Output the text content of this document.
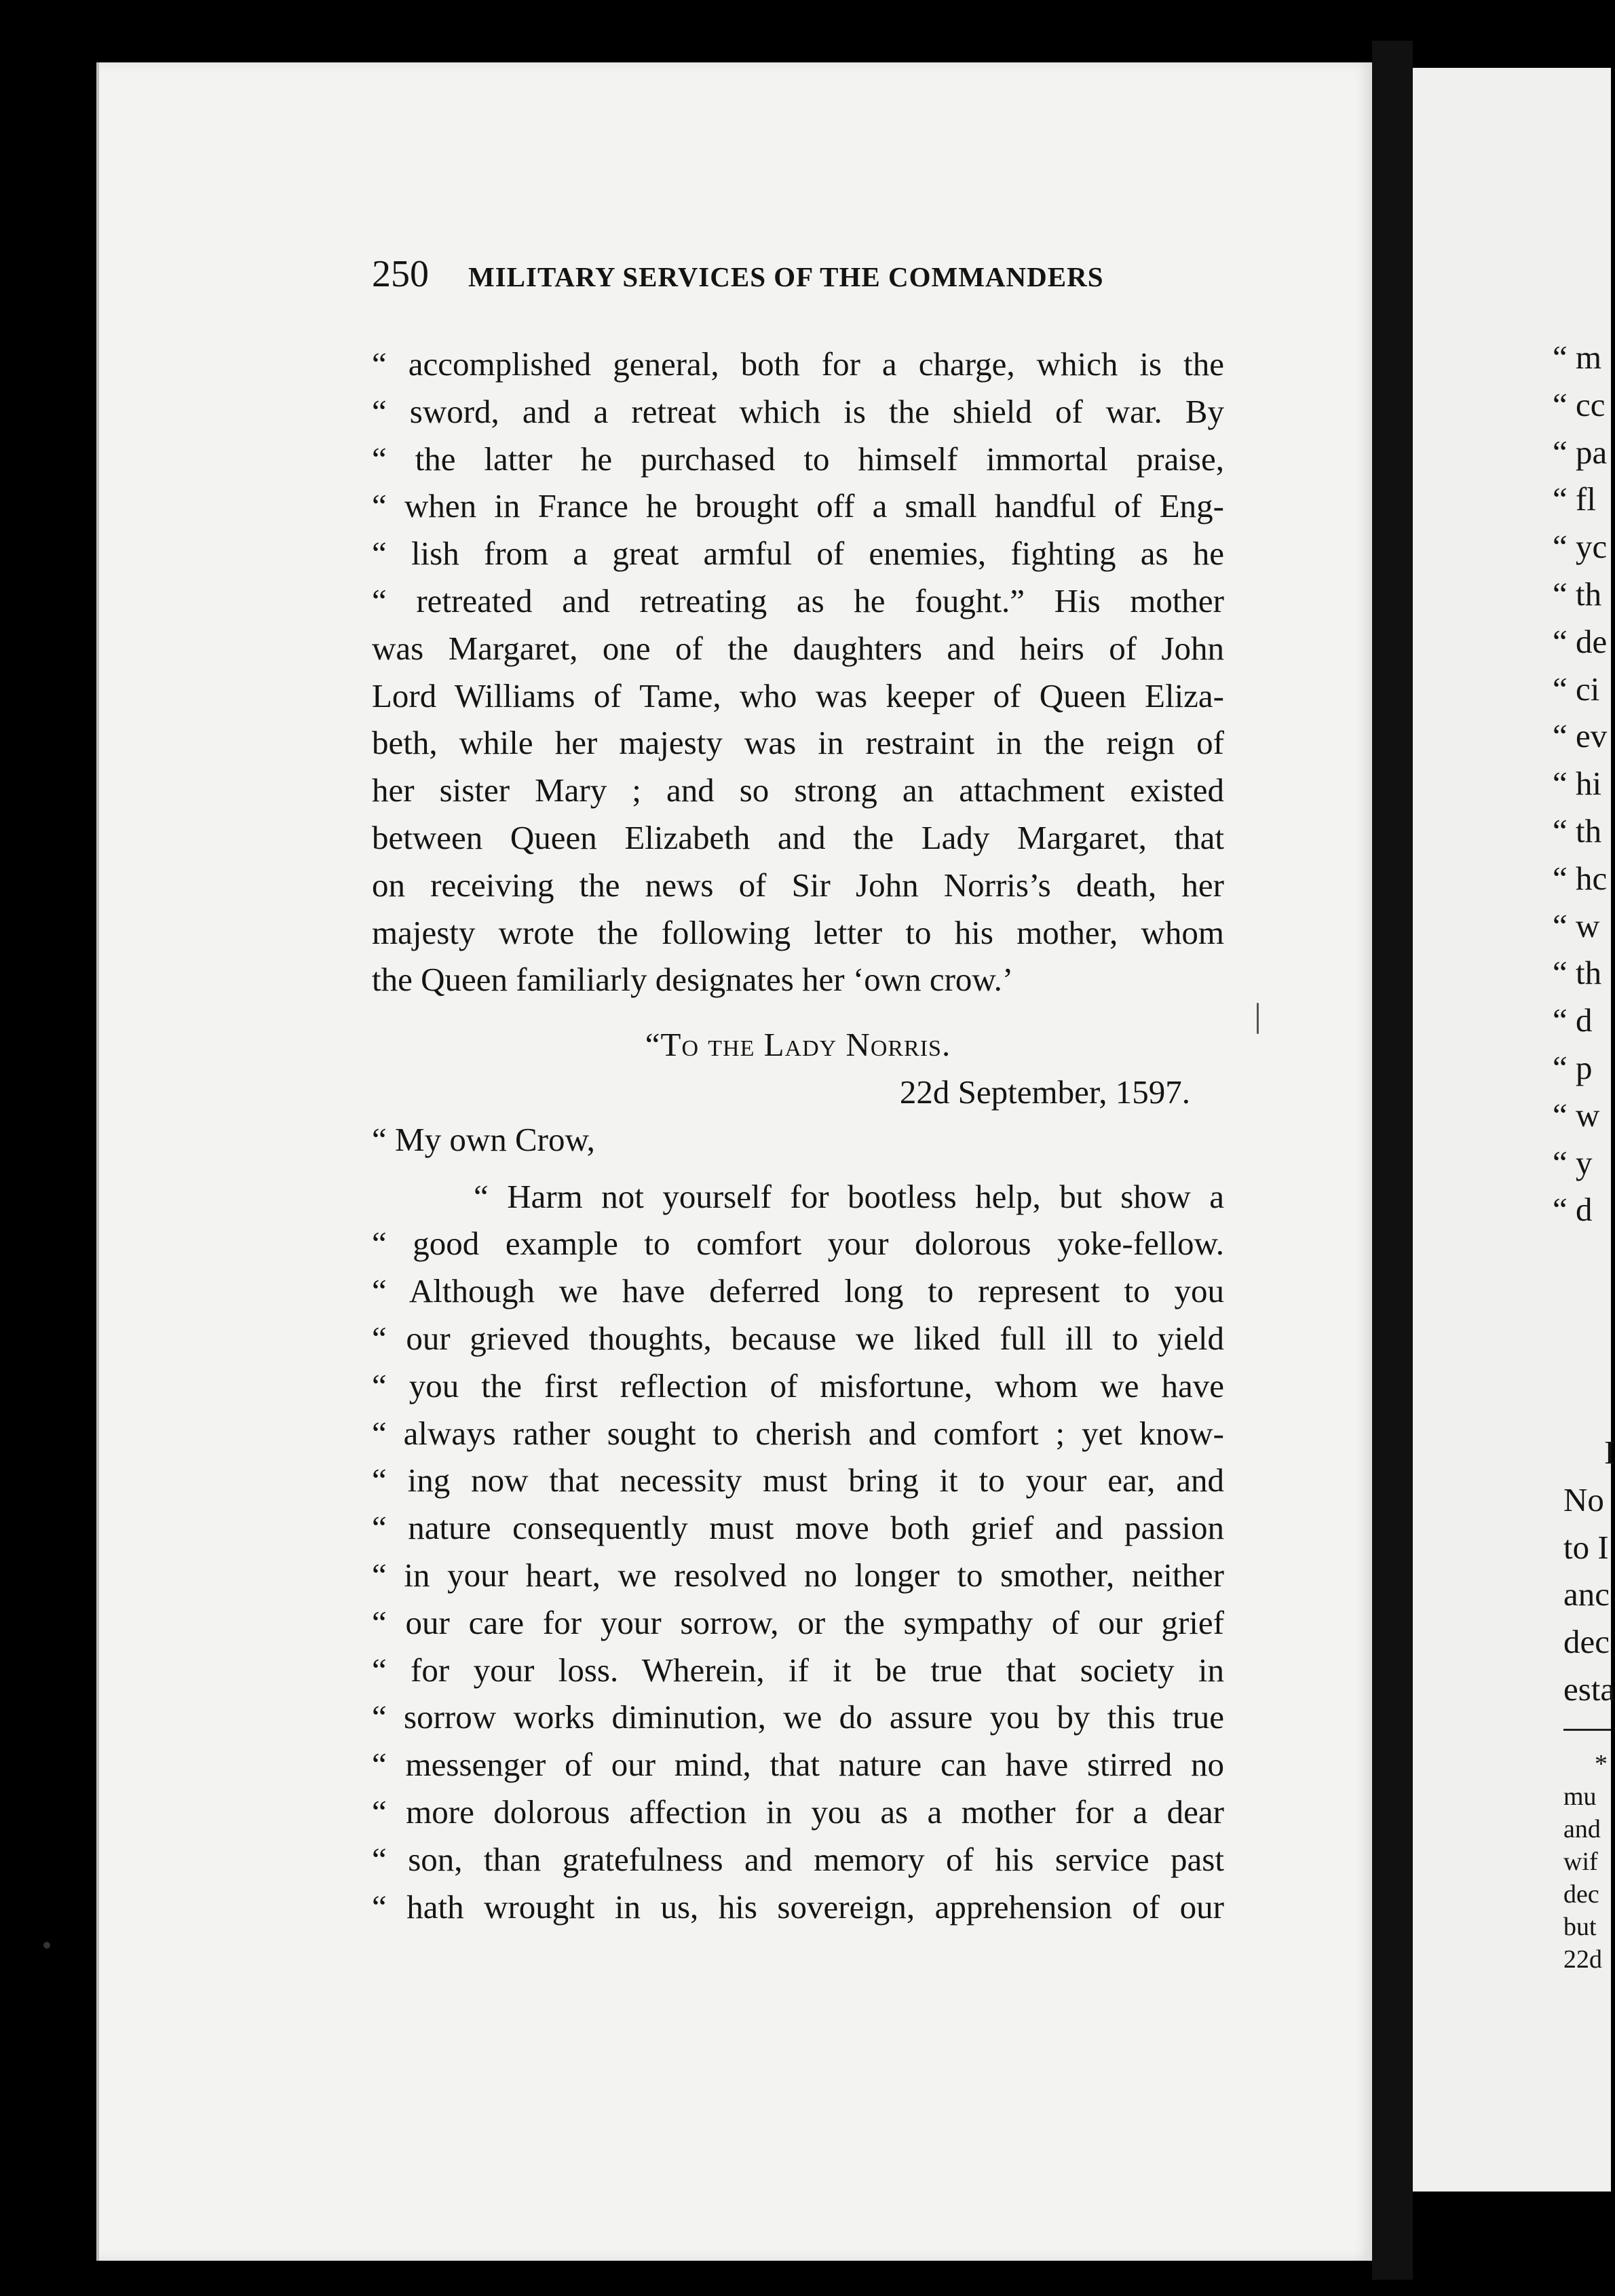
250 MILITARY SERVICES OF THE COMMANDERS
“ accomplished general, both for a charge, which is the
“ sword, and a retreat which is the shield of war. By
“ the latter he purchased to himself immortal praise,
“ when in France he brought off a small handful of Eng-
“ lish from a great armful of enemies, fighting as he
“ retreated and retreating as he fought.” His mother
was Margaret, one of the daughters and heirs of John
Lord Williams of Tame, who was keeper of Queen Eliza-
beth, while her majesty was in restraint in the reign of
her sister Mary ; and so strong an attachment existed
between Queen Elizabeth and the Lady Margaret, that
on receiving the news of Sir John Norris’s death, her
majesty wrote the following letter to his mother, whom
the Queen familiarly designates her ‘own crow.’
“To the Lady Norris.
22d September, 1597.
“ My own Crow,
“ Harm not yourself for bootless help, but show a
“ good example to comfort your dolorous yoke-fellow.
“ Although we have deferred long to represent to you
“ our grieved thoughts, because we liked full ill to yield
“ you the first reflection of misfortune, whom we have
“ always rather sought to cherish and comfort ; yet know-
“ ing now that necessity must bring it to your ear, and
“ nature consequently must move both grief and passion
“ in your heart, we resolved no longer to smother, neither
“ our care for your sorrow, or the sympathy of our grief
“ for your loss. Wherein, if it be true that society in
“ sorrow works diminution, we do assure you by this true
“ messenger of our mind, that nature can have stirred no
“ more dolorous affection in you as a mother for a dear
“ son, than gratefulness and memory of his service past
“ hath wrought in us, his sovereign, apprehension of our
“ m
“ cc
“ pa
“ fl
“ yc
“ th
“ de
“ ci
“ ev
“ hi
“ th
“ hc
“ w
“ th
“ d
“ p
“ w
“ y
“ d
I
No
to I
anc
dec
esta
*
mu
and
wif
dec
but
22d
